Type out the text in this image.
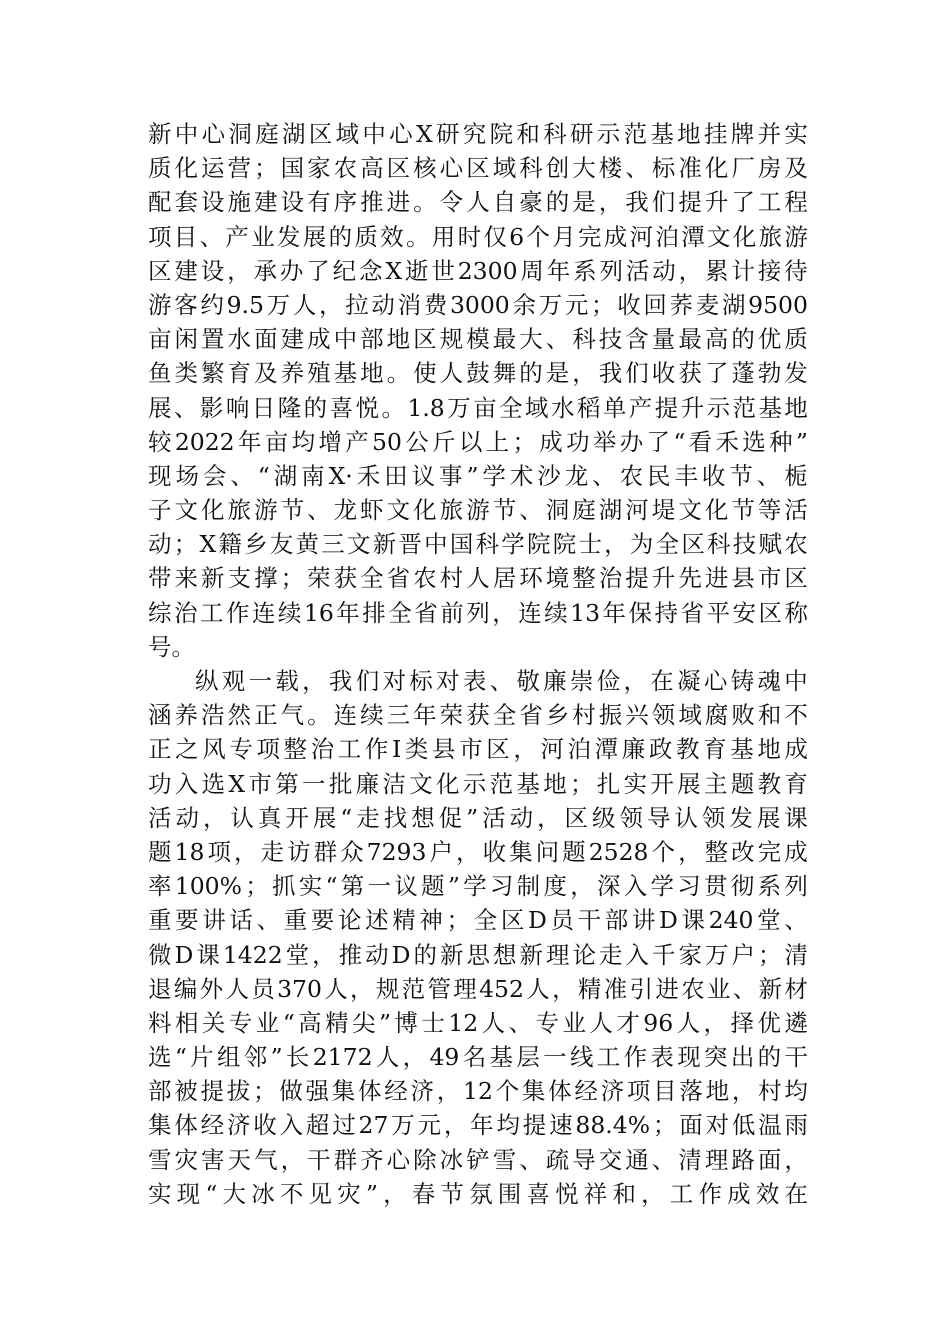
新 中 心 洞 庭 湖 区 域 中 心 X 研 究 院 和 科 研 示 范 基 地 挂 牌 并 实
质 化 运 营 ； 国 家 农 高 区 核 心 区 域 科 创 大 楼 、 标 准 化 厂 房 及
配 套 设 施 建 设 有 序 推 进 。 令 人 自 豪 的 是 ， 我 们 提 升 了 工 程
项 目 、 产 业 发 展 的 质 效 。 用 时 仅 6 个 月 完 成 河 泊 潭 文 化 旅 游
区 建 设 ， 承 办 了 纪 念 X 逝 世 2300 周 年 系 列 活 动 ， 累 计 接 待
游 客 约 9.5 万 人 ， 拉 动 消 费 3000 余 万 元 ； 收 回 荞 麦 湖 9500
亩 闲 置 水 面 建 成 中 部 地 区 规 模 最 大 、 科 技 含 量 最 高 的 优 质
鱼 类 繁 育 及 养 殖 基 地 。 使 人 鼓 舞 的 是 ， 我 们 收 获 了 蓬 勃 发
展 、 影 响 日 隆 的 喜 悦 。 1.8 万 亩 全 域 水 稻 单 产 提 升 示 范 基 地
较 2022 年 亩 均 增 产 50 公 斤 以 上 ； 成 功 举 办 了 “ 看 禾 选 种 ”
现 场 会 、 “ 湖 南 X· 禾 田 议 事 ” 学 术 沙 龙 、 农 民 丰 收 节 、 栀
子 文 化 旅 游 节 、 龙 虾 文 化 旅 游 节 、 洞 庭 湖 河 堤 文 化 节 等 活
动 ； X 籍 乡 友 黄 三 文 新 晋 中 国 科 学 院 院 士 ， 为 全 区 科 技 赋 农
带 来 新 支 撑 ； 荣 获 全 省 农 村 人 居 环 境 整 治 提 升 先 进 县 市 区
综 治 工 作 连 续 16 年 排 全 省 前 列 ， 连 续 13 年 保 持 省 平 安 区 称
号。
纵 观 一 载 ， 我 们 对 标 对 表 、 敬 廉 崇 俭 ， 在 凝 心 铸 魂 中
涵 养 浩 然 正 气 。 连 续 三 年 荣 获 全 省 乡 村 振 兴 领 域 腐 败 和 不
正 之 风 专 项 整 治 工 作 Ⅰ 类 县 市 区 ， 河 泊 潭 廉 政 教 育 基 地 成
功 入 选 X 市 第 一 批 廉 洁 文 化 示 范 基 地 ； 扎 实 开 展 主 题 教 育
活 动 ， 认 真 开 展 “ 走 找 想 促 ” 活 动 ， 区 级 领 导 认 领 发 展 课
题 18 项 ， 走 访 群 众 7293 户 ， 收 集 问 题 2528 个 ， 整 改 完 成
率 100% ； 抓 实 “ 第 一 议 题 ” 学 习 制 度 ， 深 入 学 习 贯 彻 系 列
重 要 讲 话 、 重 要 论 述 精 神 ； 全 区 D 员 干 部 讲 D 课 240 堂 、
微 D 课 1422 堂 ， 推 动 D 的 新 思 想 新 理 论 走 入 千 家 万 户 ； 清
退 编 外 人 员 370 人 ， 规 范 管 理 452 人 ， 精 准 引 进 农 业 、 新 材
料 相 关 专 业 “ 高 精 尖 ” 博 士 12 人 、 专 业 人 才 96 人 ， 择 优 遴
选 “ 片 组 邻 ” 长 2172 人 ， 49 名 基 层 一 线 工 作 表 现 突 出 的 干
部 被 提 拔 ； 做 强 集 体 经 济 ， 12 个 集 体 经 济 项 目 落 地 ， 村 均
集 体 经 济 收 入 超 过 27 万 元 ， 年 均 提 速 88.4% ； 面 对 低 温 雨
雪 灾 害 天 气 ， 干 群 齐 心 除 冰 铲 雪 、 疏 导 交 通 、 清 理 路 面 ，
实 现 “ 大 冰 不 见 灾 ” ， 春 节 氛 围 喜 悦 祥 和 ， 工 作 成 效 在
